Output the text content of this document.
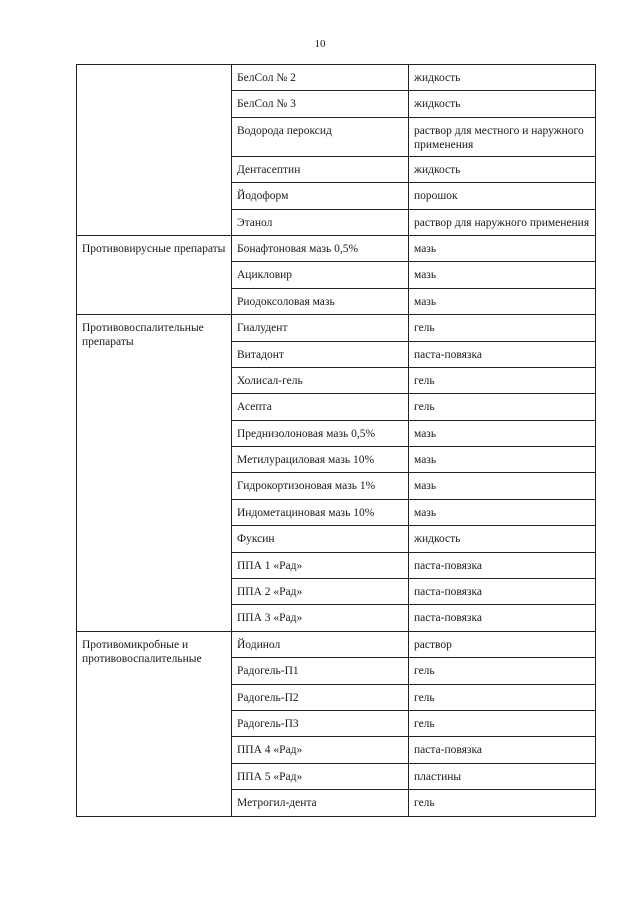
10
	БелСол № 2	жидкость
	БелСол № 3	жидкость
	Водорода пероксид	раствор для местного и наружного применения
	Дентасептин	жидкость
	Йодоформ	порошок
	Этанол	раствор для наружного применения
Противовирусные препараты	Бонафтоновая мазь 0,5%	мазь
	Ацикловир	мазь
	Риодоксоловая мазь	мазь
Противовоспалительные препараты	Гиалудент	гель
	Витадонт	паста-повязка
	Холисал-гель	гель
	Асепта	гель
	Преднизолоновая мазь 0,5%	мазь
	Метилурациловая мазь 10%	мазь
	Гидрокортизоновая мазь 1%	мазь
	Индометациновая мазь 10%	мазь
	Фуксин	жидкость
	ППА 1 «Рад»	паста-повязка
	ППА 2 «Рад»	паста-повязка
	ППА 3 «Рад»	паста-повязка
Противомикробные и противовоспалительные	Йодинол	раствор
	Радогель-П1	гель
	Радогель-П2	гель
	Радогель-П3	гель
	ППА 4 «Рад»	паста-повязка
	ППА 5 «Рад»	пластины
	Метрогил-дента	гель
